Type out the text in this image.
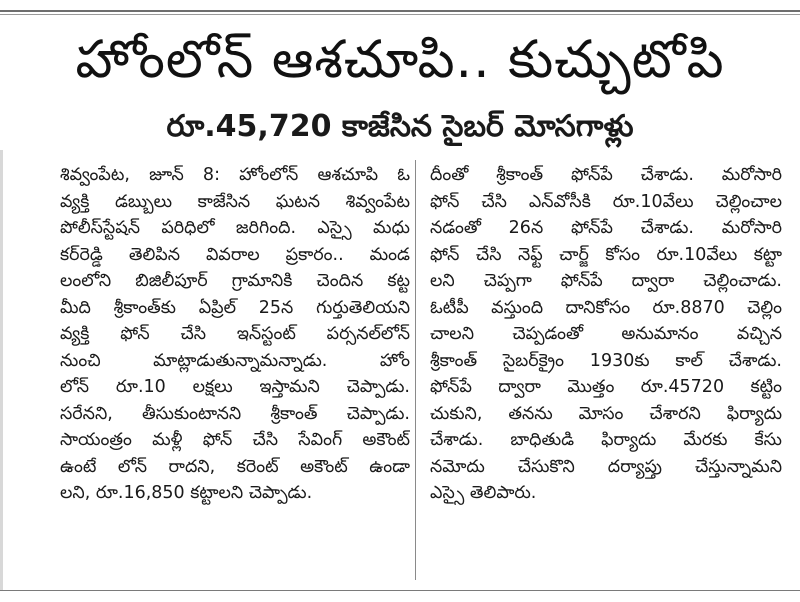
హోంలోన్ ఆశచూపి.. కుచ్చుటోపి
రూ.45,720 కాజేసిన సైబర్ మోసగాళ్లు
శివ్వంపేట, జూన్ 8: హోంలోన్ ఆశచూపి ఓ
వ్యక్తి డబ్బులు కాజేసిన ఘటన శివ్వంపేట
పోలీస్‌స్టేషన్ పరిధిలో జరిగింది. ఎస్సై మధు
కర్‌రెడ్డి తెలిపిన వివరాల ప్రకారం.. మండ
లంలోని బిజిలీపూర్ గ్రామానికి చెందిన కట్ట
మీది శ్రీకాంత్‌కు ఏప్రిల్ 25న గుర్తుతెలియని
వ్యక్తి ఫోన్ చేసి ఇన్‌స్టంట్ పర్సనల్‌లోన్
నుంచి మాట్లాడుతున్నామన్నాడు. హోం
లోన్ రూ.10 లక్షలు ఇస్తామని చెప్పాడు.
సరేనని, తీసుకుంటానని శ్రీకాంత్ చెప్పాడు.
సాయంత్రం మళ్లీ ఫోన్ చేసి సేవింగ్ అకౌంట్
ఉంటే లోన్ రాదని, కరెంట్ అకౌంట్ ఉండా
లని, రూ.16,850 కట్టాలని చెప్పాడు.
దీంతో శ్రీకాంత్ ఫోన్‌పే చేశాడు. మరోసారి
ఫోన్ చేసి ఎన్‌వోసీకి రూ.10వేలు చెల్లించాల
నడంతో 26న ఫోన్‌పే చేశాడు. మరోసారి
ఫోన్ చేసి నెఫ్ట్ చార్జ్ కోసం రూ.10వేలు కట్టా
లని చెప్పగా ఫోన్‌పే ద్వారా చెల్లించాడు.
ఓటీపీ వస్తుంది దానికోసం రూ.8870 చెల్లిం
చాలని చెప్పడంతో అనుమానం వచ్చిన
శ్రీకాంత్ సైబర్‌క్రైం 1930కు కాల్ చేశాడు.
ఫోన్‌పే ద్వారా మొత్తం రూ.45720 కట్టిం
చుకుని, తనను మోసం చేశారని ఫిర్యాదు
చేశాడు. బాధితుడి ఫిర్యాదు మేరకు కేసు
నమోదు చేసుకొని దర్యాప్తు చేస్తున్నామని
ఎస్సై తెలిపారు.
